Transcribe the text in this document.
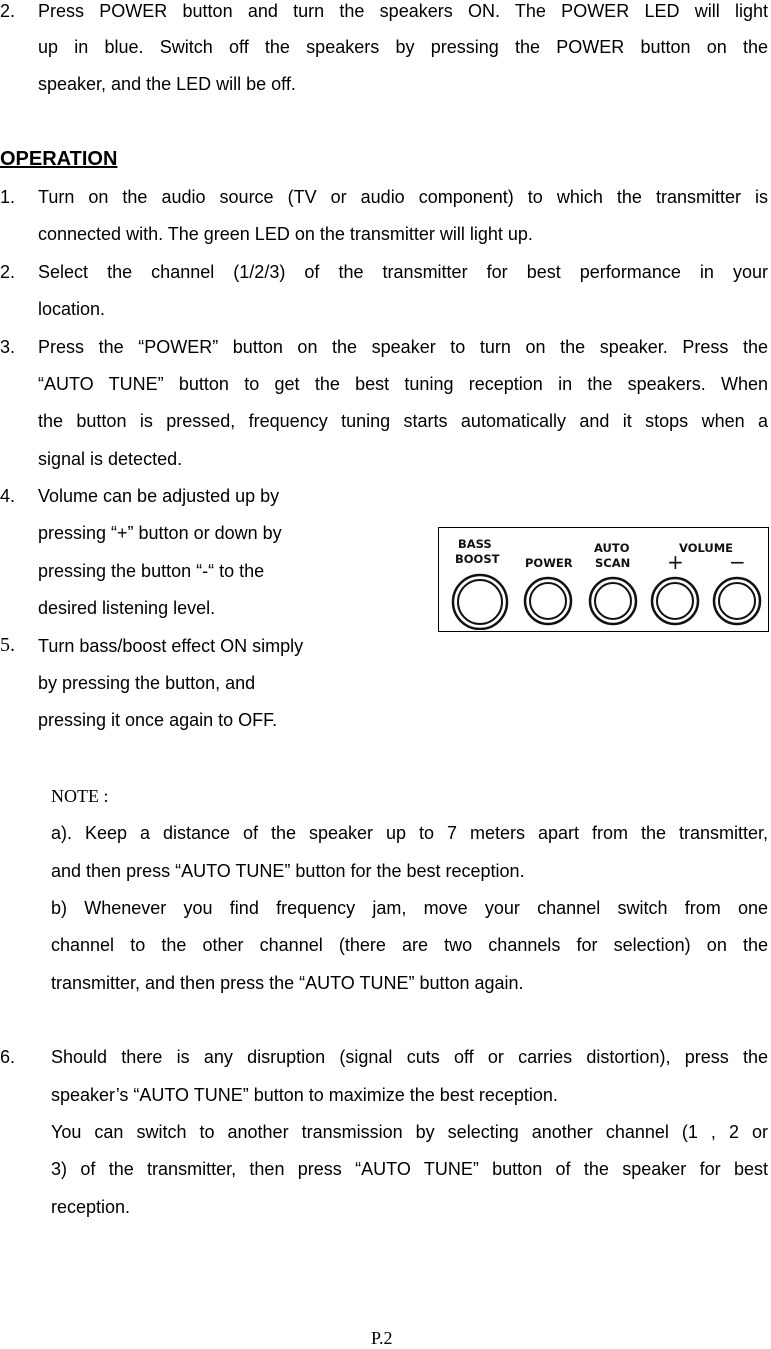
2. Press POWER button and turn the speakers ON. The POWER LED will light
up in blue. Switch off the speakers by pressing the POWER button on the
speaker, and the LED will be off.
OPERATION
1. Turn on the audio source (TV or audio component) to which the transmitter is
connected with. The green LED on the transmitter will light up.
2. Select the channel (1/2/3) of the transmitter for best performance in your
location.
3. Press the “POWER” button on the speaker to turn on the speaker. Press the
“AUTO TUNE” button to get the best tuning reception in the speakers. When
the button is pressed, frequency tuning starts automatically and it stops when a
signal is detected.
4. Volume can be adjusted up by
pressing “+” button or down by
pressing the button “-“ to the
desired listening level.
5. Turn bass/boost effect ON simply
by pressing the button, and
pressing it once again to OFF.
BASS
BOOST POWER
AUTO
SCAN
VOLUME
+ −
NOTE :
a). Keep a distance of the speaker up to 7 meters apart from the transmitter,
and then press “AUTO TUNE” button for the best reception.
b) Whenever you find frequency jam, move your channel switch from one
channel to the other channel (there are two channels for selection) on the
transmitter, and then press the “AUTO TUNE” button again.
6. Should there is any disruption (signal cuts off or carries distortion), press the
speaker’s “AUTO TUNE” button to maximize the best reception.
You can switch to another transmission by selecting another channel (1 , 2 or
3) of the transmitter, then press “AUTO TUNE” button of the speaker for best
reception.
P.2
